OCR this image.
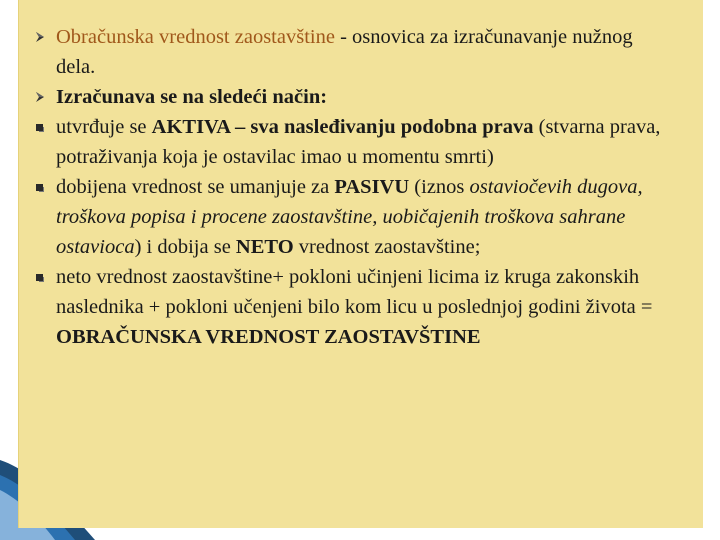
Obračunska vrednost zaostavštine - osnovica za izračunavanje nužnog dela.
Izračunava se na sledeći način:
utvrđuje se AKTIVA – sva nasleđivanju podobna prava (stvarna prava, potraživanja koja je ostavilac imao u momentu smrti)
dobijena vrednost se umanjuje za PASIVU (iznos ostaviočevih dugova, troškova popisa i procene zaostavštine, uobičajenih troškova sahrane ostavioca) i dobija se NETO vrednost zaostavštine;
neto vrednost zaostavštine+ pokloni učinjeni licima iz kruga zakonskih naslednika + pokloni učenjeni bilo kom licu u poslednjoj godini života = OBRAČUNSKA VREDNOST ZAOSTAVŠTINE
